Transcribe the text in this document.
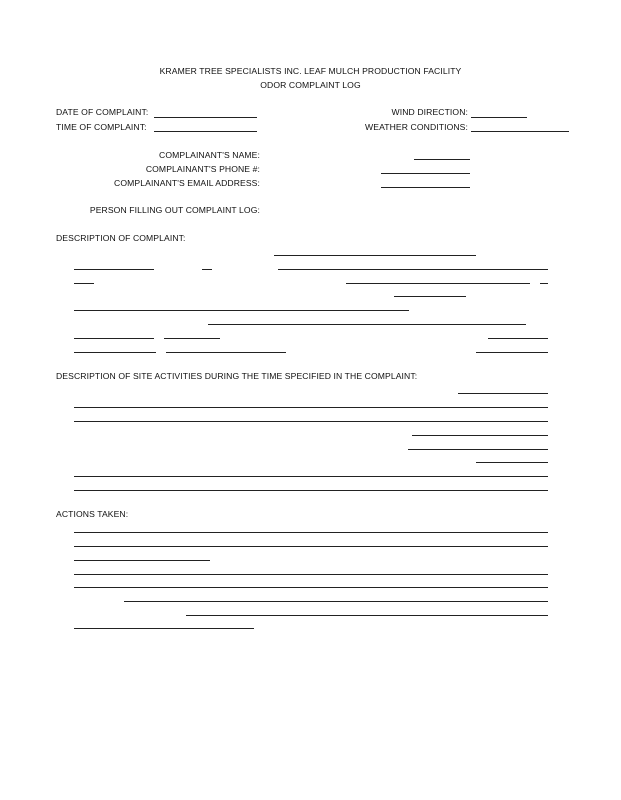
KRAMER TREE SPECIALISTS INC. LEAF MULCH PRODUCTION FACILITY
ODOR COMPLAINT LOG
DATE OF COMPLAINT:
TIME OF COMPLAINT:
WIND DIRECTION:
WEATHER CONDITIONS:
COMPLAINANT'S NAME:
COMPLAINANT'S PHONE #:
COMPLAINANT'S EMAIL ADDRESS:
PERSON FILLING OUT COMPLAINT LOG:
DESCRIPTION OF COMPLAINT:
DESCRIPTION OF SITE ACTIVITIES DURING THE TIME SPECIFIED IN THE COMPLAINT:
ACTIONS TAKEN:
